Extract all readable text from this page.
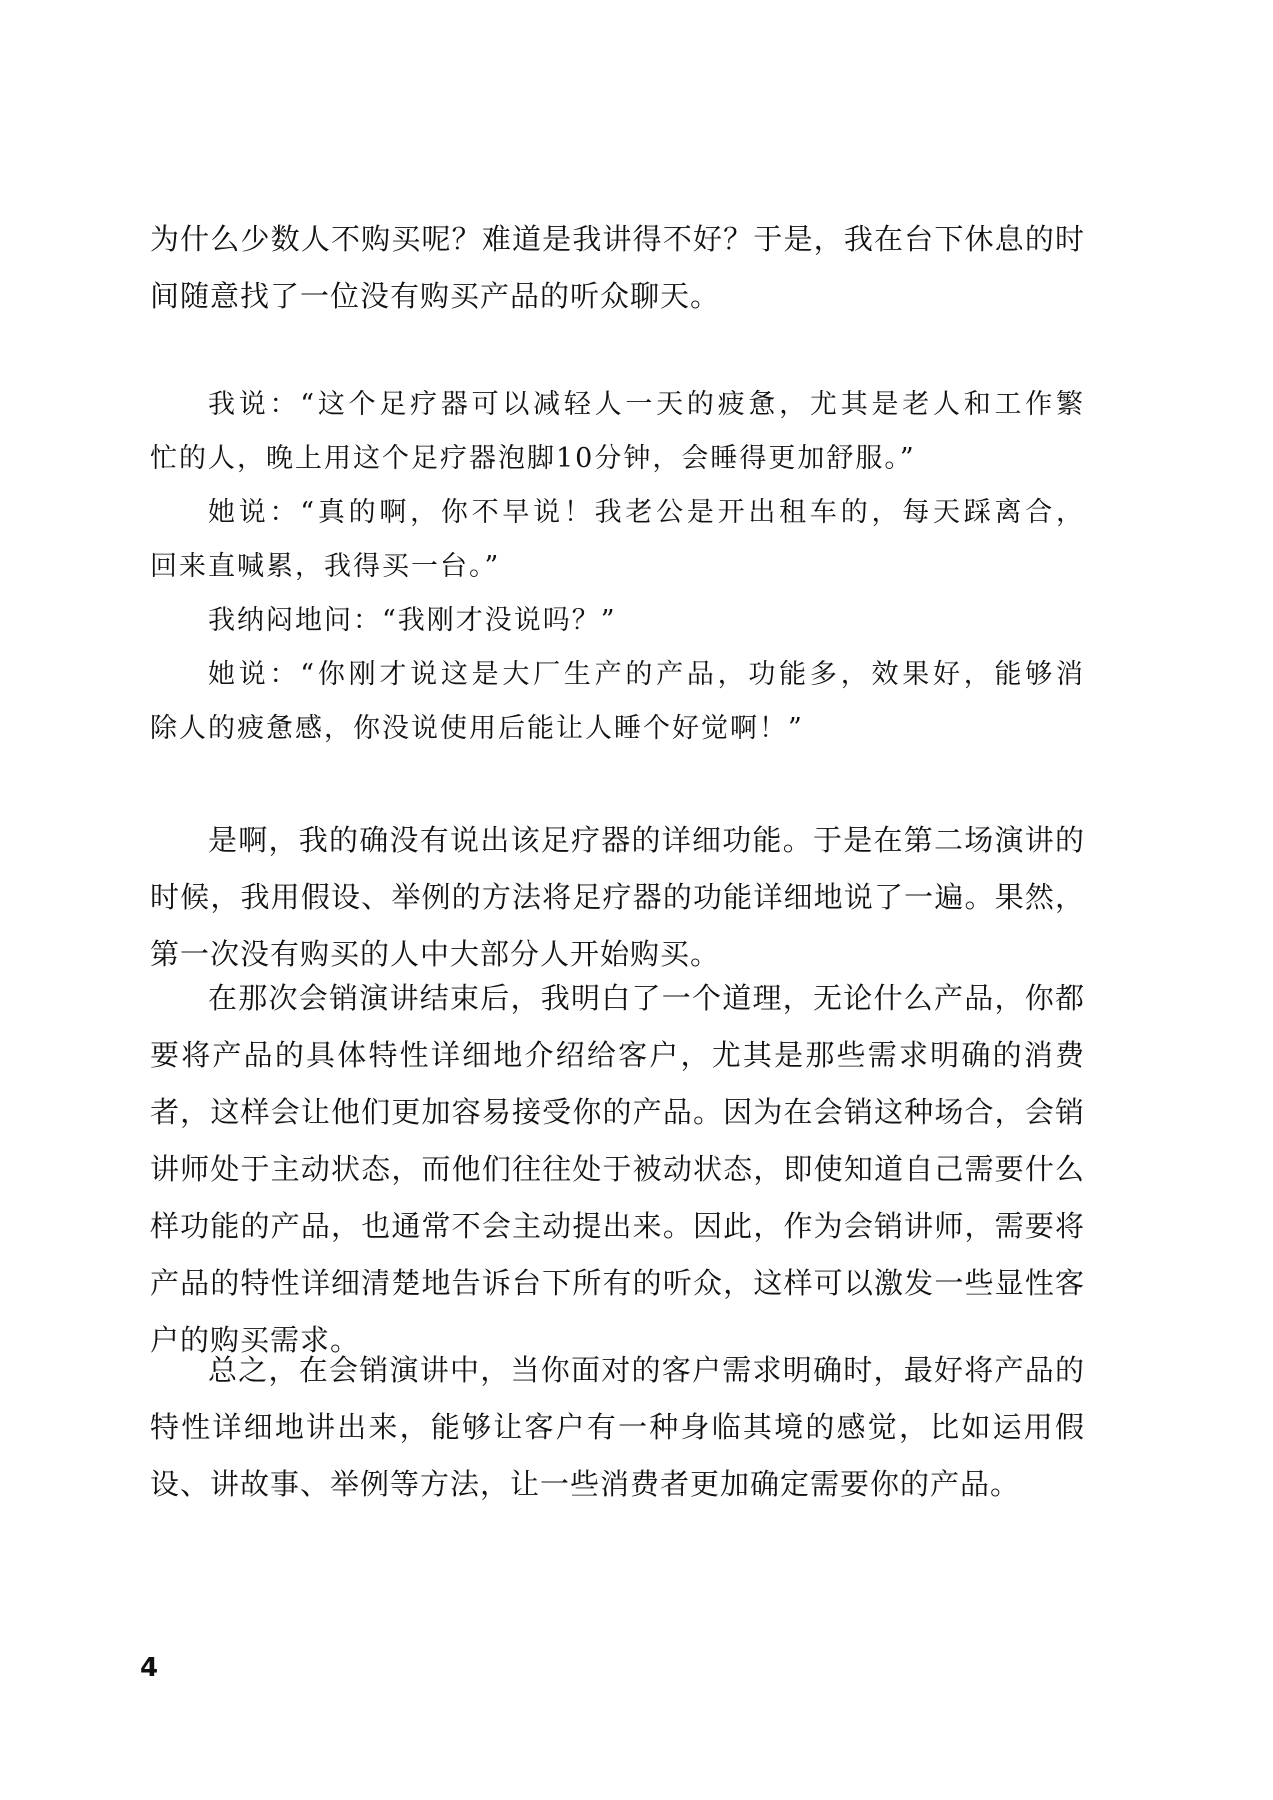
为什么少数人不购买呢？难道是我讲得不好？于是，我在台下休息的时
间随意找了一位没有购买产品的听众聊天。
我说：“这个足疗器可以减轻人一天的疲惫，尤其是老人和工作繁
忙的人，晚上用这个足疗器泡脚10分钟，会睡得更加舒服。”
她说：“真的啊，你不早说！我老公是开出租车的，每天踩离合，
回来直喊累，我得买一台。”
我纳闷地问：“我刚才没说吗？”
她说：“你刚才说这是大厂生产的产品，功能多，效果好，能够消
除人的疲惫感，你没说使用后能让人睡个好觉啊！”
是啊，我的确没有说出该足疗器的详细功能。于是在第二场演讲的
时候，我用假设、举例的方法将足疗器的功能详细地说了一遍。果然，
第一次没有购买的人中大部分人开始购买。
在那次会销演讲结束后，我明白了一个道理，无论什么产品，你都
要将产品的具体特性详细地介绍给客户，尤其是那些需求明确的消费
者，这样会让他们更加容易接受你的产品。因为在会销这种场合，会销
讲师处于主动状态，而他们往往处于被动状态，即使知道自己需要什么
样功能的产品，也通常不会主动提出来。因此，作为会销讲师，需要将
产品的特性详细清楚地告诉台下所有的听众，这样可以激发一些显性客
户的购买需求。
总之，在会销演讲中，当你面对的客户需求明确时，最好将产品的
特性详细地讲出来，能够让客户有一种身临其境的感觉，比如运用假
设、讲故事、举例等方法，让一些消费者更加确定需要你的产品。
4
